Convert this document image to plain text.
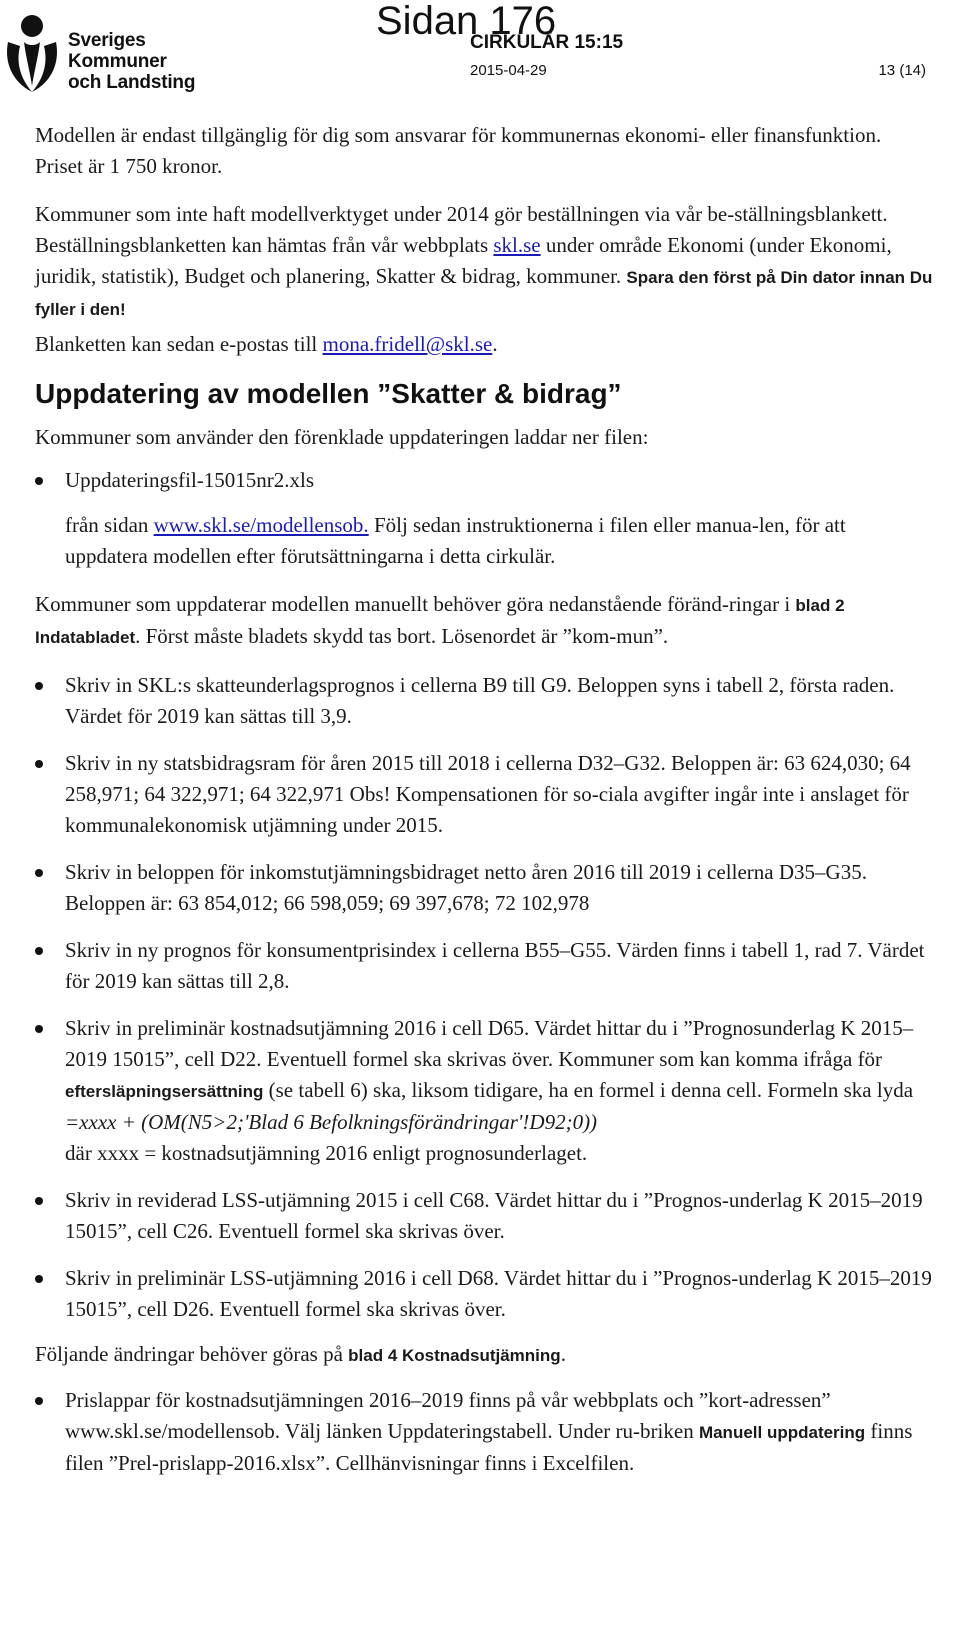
Sveriges
Kommuner
och Landsting
Sidan 176
CIRKULÄR 15:15
2015-04-29	13 (14)

Modellen är endast tillgänglig för dig som ansvarar för kommunernas ekonomi- eller finansfunktion. Priset är 1 750 kronor.

Kommuner som inte haft modellverktyget under 2014 gör beställningen via vår be-ställningsblankett. Beställningsblanketten kan hämtas från vår webbplats skl.se under område Ekonomi (under Ekonomi, juridik, statistik), Budget och planering, Skatter & bidrag, kommuner. Spara den först på Din dator innan Du fyller i den!

Blanketten kan sedan e-postas till mona.fridell@skl.se.

Uppdatering av modellen ”Skatter & bidrag”

Kommuner som använder den förenklade uppdateringen laddar ner filen:

Uppdateringsfil-15015nr2.xls

från sidan www.skl.se/modellensob. Följ sedan instruktionerna i filen eller manua-len, för att uppdatera modellen efter förutsättningarna i detta cirkulär.

Kommuner som uppdaterar modellen manuellt behöver göra nedanstående föränd-ringar i blad 2 Indatabladet. Först måste bladets skydd tas bort. Lösenordet är ”kom-mun”.

Skriv in SKL:s skatteunderlagsprognos i cellerna B9 till G9. Beloppen syns i tabell 2, första raden. Värdet för 2019 kan sättas till 3,9.
Skriv in ny statsbidragsram för åren 2015 till 2018 i cellerna D32–G32. Beloppen är: 63 624,030; 64 258,971; 64 322,971; 64 322,971 Obs! Kompensationen för so-ciala avgifter ingår inte i anslaget för kommunalekonomisk utjämning under 2015.
Skriv in beloppen för inkomstutjämningsbidraget netto åren 2016 till 2019 i cellerna D35–G35. Beloppen är: 63 854,012; 66 598,059; 69 397,678; 72 102,978
Skriv in ny prognos för konsumentprisindex i cellerna B55–G55. Värden finns i tabell 1, rad 7. Värdet för 2019 kan sättas till 2,8.
Skriv in preliminär kostnadsutjämning 2016 i cell D65. Värdet hittar du i ”Prognosunderlag K 2015–2019 15015”, cell D22. Eventuell formel ska skrivas över. Kommuner som kan komma ifråga för eftersläpningsersättning (se tabell 6) ska, liksom tidigare, ha en formel i denna cell. Formeln ska lyda
=xxxx + (OM(N5>2;'Blad 6 Befolkningsförändringar'!D92;0))
där xxxx = kostnadsutjämning 2016 enligt prognosunderlaget.
Skriv in reviderad LSS-utjämning 2015 i cell C68. Värdet hittar du i ”Prognos-underlag K 2015–2019 15015”, cell C26. Eventuell formel ska skrivas över.
Skriv in preliminär LSS-utjämning 2016 i cell D68. Värdet hittar du i ”Prognos-underlag K 2015–2019 15015”, cell D26. Eventuell formel ska skrivas över.

Följande ändringar behöver göras på blad 4 Kostnadsutjämning.

Prislappar för kostnadsutjämningen 2016–2019 finns på vår webbplats och ”kort-adressen” www.skl.se/modellensob. Välj länken Uppdateringstabell. Under ru-briken Manuell uppdatering finns filen ”Prel-prislapp-2016.xlsx”. Cellhänvisningar finns i Excelfilen.
